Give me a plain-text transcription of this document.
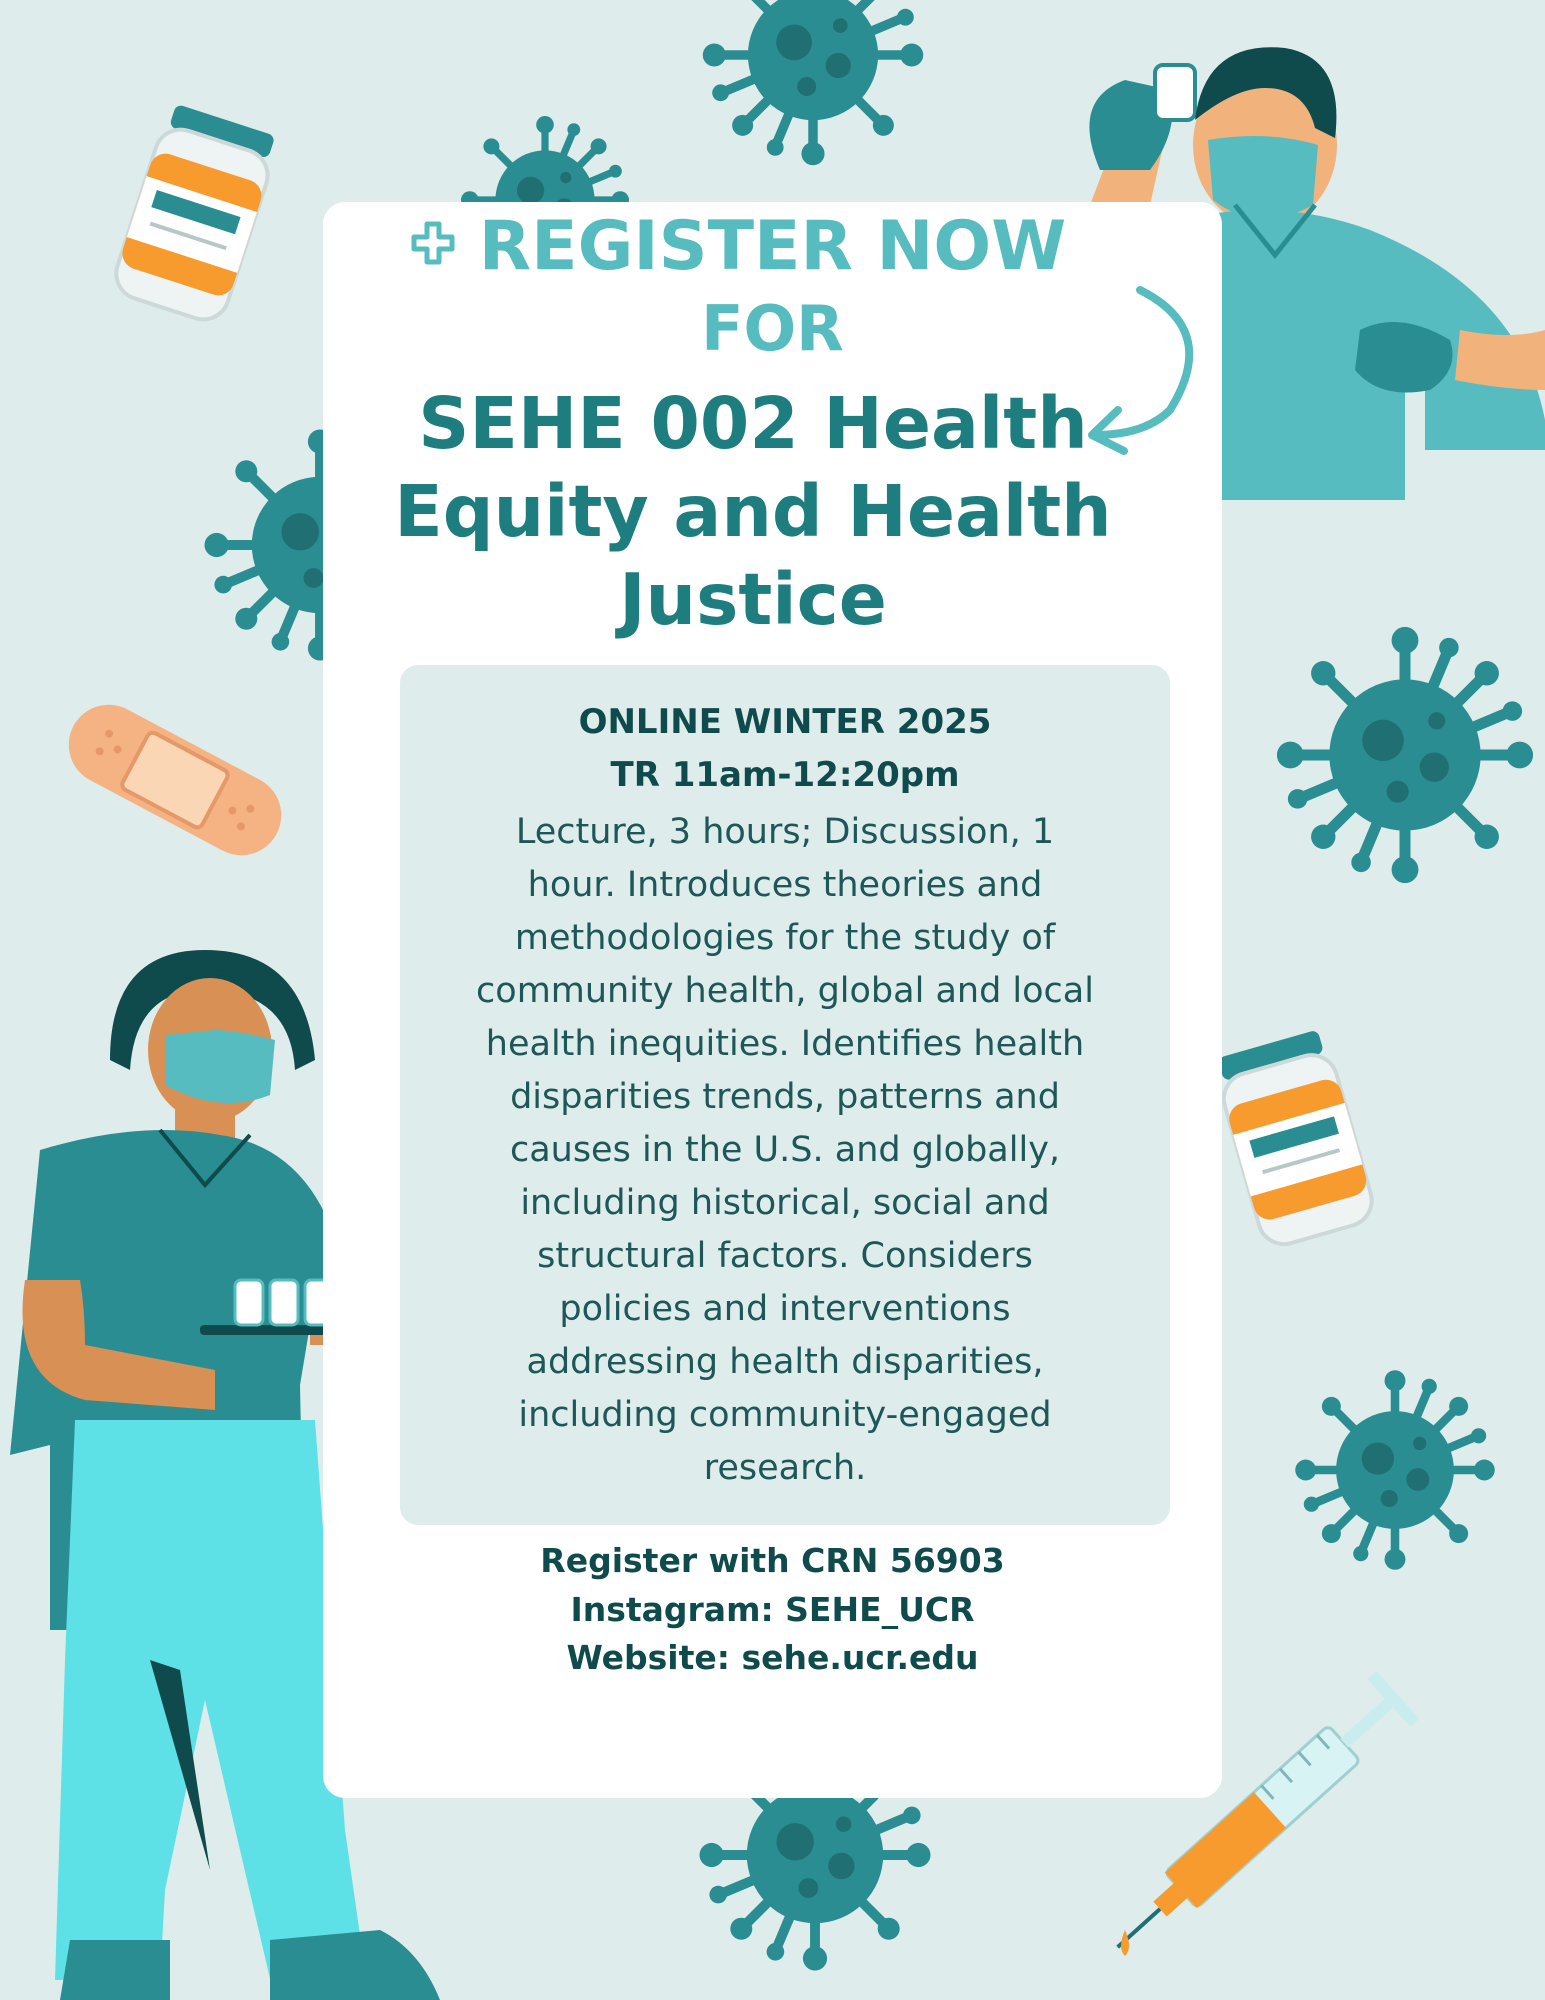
REGISTER NOW
FOR
SEHE 002 Health Equity and Health Justice
ONLINE WINTER 2025
TR 11am-12:20pm

Lecture, 3 hours; Discussion, 1 hour. Introduces theories and methodologies for the study of community health, global and local health inequities. Identifies health disparities trends, patterns and causes in the U.S. and globally, including historical, social and structural factors. Considers policies and interventions addressing health disparities, including community-engaged research.

Register with CRN 56903
Instagram: SEHE_UCR
Website: sehe.ucr.edu
